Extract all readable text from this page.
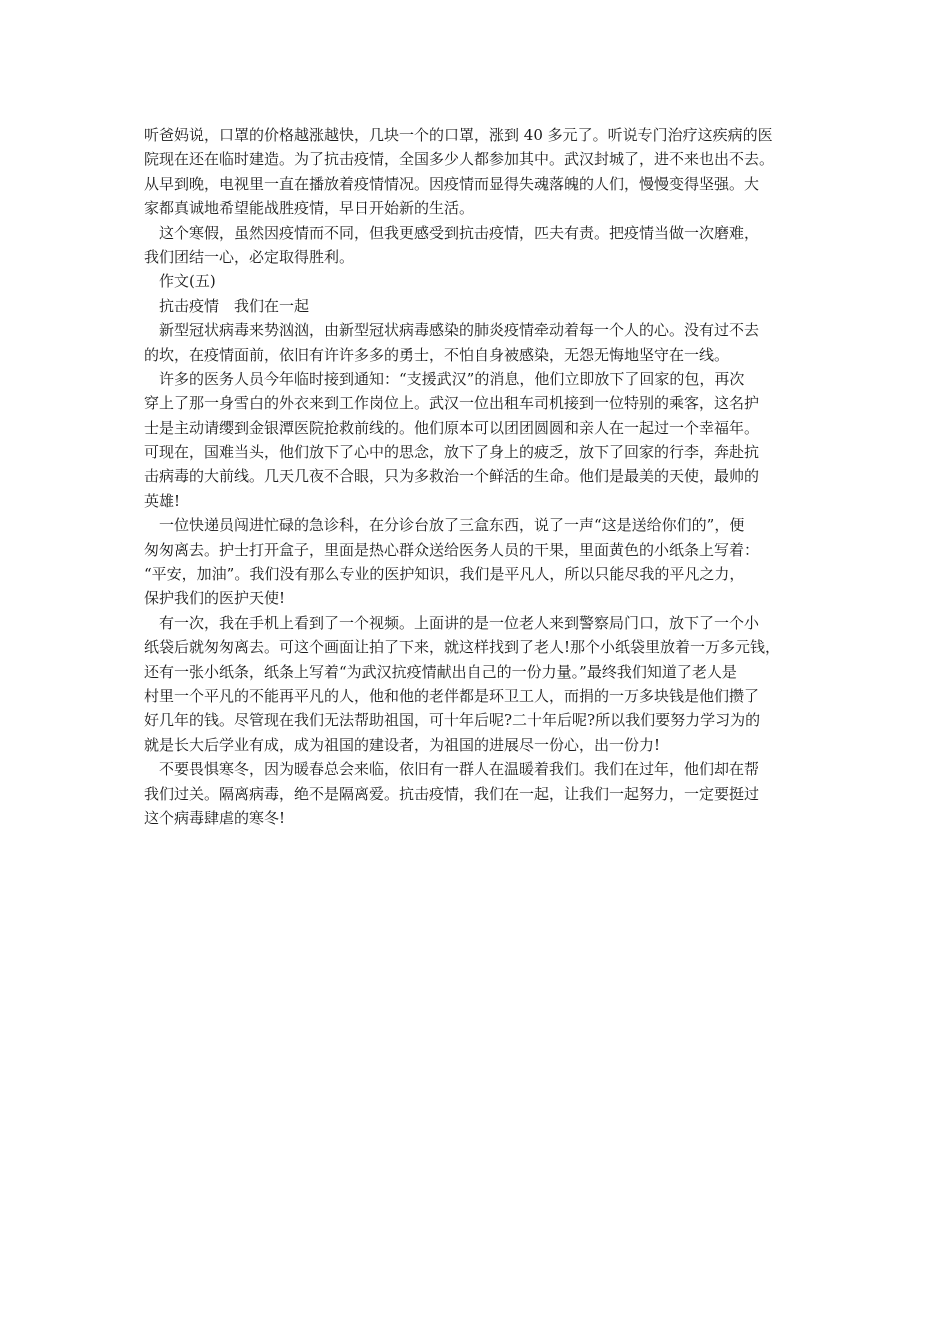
听爸妈说，口罩的价格越涨越快，几块一个的口罩，涨到 40 多元了。听说专门治疗这疾病的医
院现在还在临时建造。为了抗击疫情，全国多少人都参加其中。武汉封城了，进不来也出不去。
从早到晚，电视里一直在播放着疫情情况。因疫情而显得失魂落魄的人们，慢慢变得坚强。大
家都真诚地希望能战胜疫情，早日开始新的生活。
　这个寒假，虽然因疫情而不同，但我更感受到抗击疫情，匹夫有责。把疫情当做一次磨难，
我们团结一心，必定取得胜利。
　作文(五)
　抗击疫情　我们在一起
　新型冠状病毒来势汹汹，由新型冠状病毒感染的肺炎疫情牵动着每一个人的心。没有过不去
的坎，在疫情面前，依旧有许许多多的勇士，不怕自身被感染，无怨无悔地坚守在一线。
　许多的医务人员今年临时接到通知：“支援武汉”的消息，他们立即放下了回家的包，再次
穿上了那一身雪白的外衣来到工作岗位上。武汉一位出租车司机接到一位特别的乘客，这名护
士是主动请缨到金银潭医院抢救前线的。他们原本可以团团圆圆和亲人在一起过一个幸福年。
可现在，国难当头，他们放下了心中的思念，放下了身上的疲乏，放下了回家的行李，奔赴抗
击病毒的大前线。几天几夜不合眼，只为多救治一个鲜活的生命。他们是最美的天使，最帅的
英雄!
　一位快递员闯进忙碌的急诊科，在分诊台放了三盒东西，说了一声“这是送给你们的”，便
匆匆离去。护士打开盒子，里面是热心群众送给医务人员的干果，里面黄色的小纸条上写着：
“平安，加油”。我们没有那么专业的医护知识，我们是平凡人，所以只能尽我的平凡之力，
保护我们的医护天使!
　有一次，我在手机上看到了一个视频。上面讲的是一位老人来到警察局门口，放下了一个小
纸袋后就匆匆离去。可这个画面让拍了下来，就这样找到了老人!那个小纸袋里放着一万多元钱，
还有一张小纸条，纸条上写着“为武汉抗疫情献出自己的一份力量。”最终我们知道了老人是
村里一个平凡的不能再平凡的人，他和他的老伴都是环卫工人，而捐的一万多块钱是他们攒了
好几年的钱。尽管现在我们无法帮助祖国，可十年后呢?二十年后呢?所以我们要努力学习为的
就是长大后学业有成，成为祖国的建设者，为祖国的进展尽一份心，出一份力!
　不要畏惧寒冬，因为暖春总会来临，依旧有一群人在温暖着我们。我们在过年，他们却在帮
我们过关。隔离病毒，绝不是隔离爱。抗击疫情，我们在一起，让我们一起努力，一定要挺过
这个病毒肆虐的寒冬!
